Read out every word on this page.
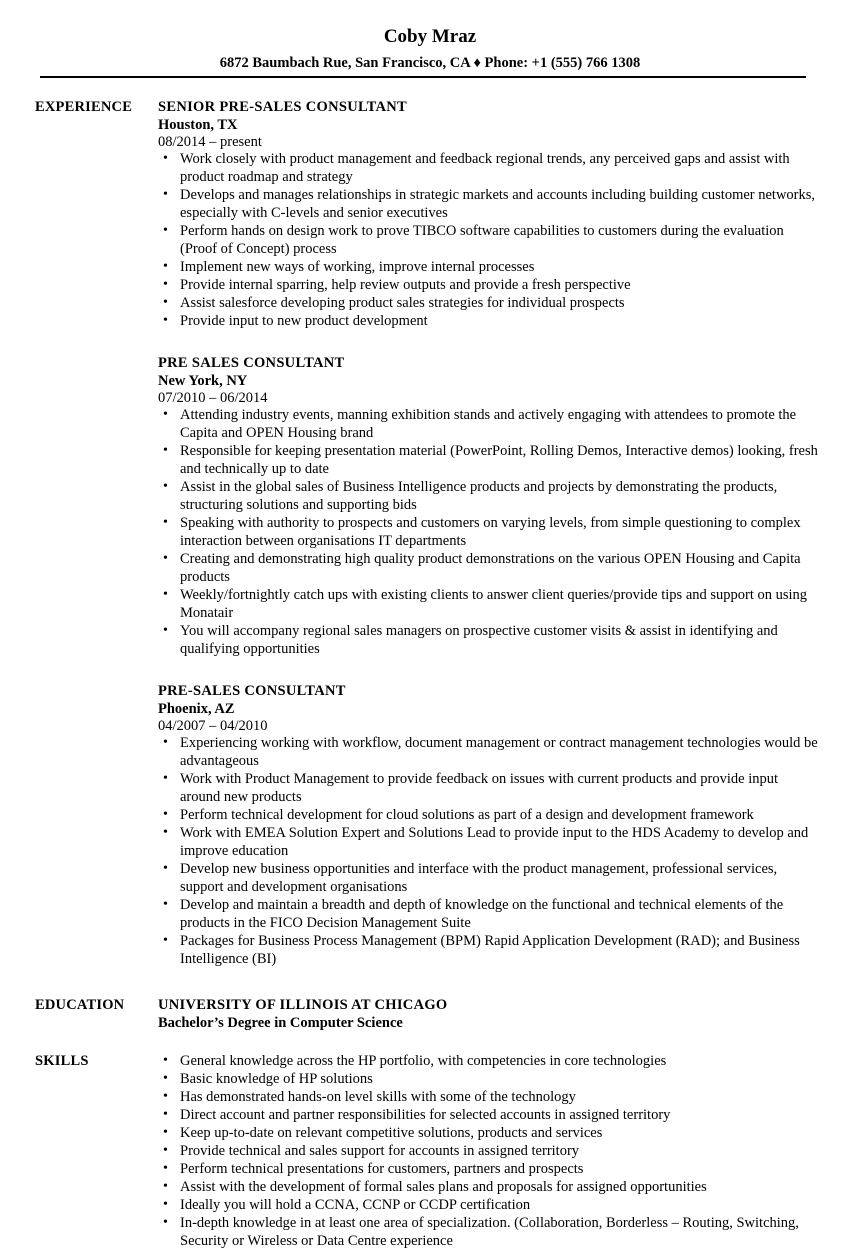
Coby Mraz
6872 Baumbach Rue, San Francisco, CA ♦ Phone: +1 (555) 766 1308
EXPERIENCE SENIOR PRE-SALES CONSULTANT
Houston, TX
08/2014 – present
• Work closely with product management and feedback regional trends, any perceived gaps and assist with product roadmap and strategy
• Develops and manages relationships in strategic markets and accounts including building customer networks, especially with C-levels and senior executives
• Perform hands on design work to prove TIBCO software capabilities to customers during the evaluation (Proof of Concept) process
• Implement new ways of working, improve internal processes
• Provide internal sparring, help review outputs and provide a fresh perspective
• Assist salesforce developing product sales strategies for individual prospects
• Provide input to new product development
PRE SALES CONSULTANT
New York, NY
07/2010 – 06/2014
• Attending industry events, manning exhibition stands and actively engaging with attendees to promote the Capita and OPEN Housing brand
• Responsible for keeping presentation material (PowerPoint, Rolling Demos, Interactive demos) looking, fresh and technically up to date
• Assist in the global sales of Business Intelligence products and projects by demonstrating the products, structuring solutions and supporting bids
• Speaking with authority to prospects and customers on varying levels, from simple questioning to complex interaction between organisations IT departments
• Creating and demonstrating high quality product demonstrations on the various OPEN Housing and Capita products
• Weekly/fortnightly catch ups with existing clients to answer client queries/provide tips and support on using Monatair
• You will accompany regional sales managers on prospective customer visits & assist in identifying and qualifying opportunities
PRE-SALES CONSULTANT
Phoenix, AZ
04/2007 – 04/2010
• Experiencing working with workflow, document management or contract management technologies would be advantageous
• Work with Product Management to provide feedback on issues with current products and provide input around new products
• Perform technical development for cloud solutions as part of a design and development framework
• Work with EMEA Solution Expert and Solutions Lead to provide input to the HDS Academy to develop and improve education
• Develop new business opportunities and interface with the product management, professional services, support and development organisations
• Develop and maintain a breadth and depth of knowledge on the functional and technical elements of the products in the FICO Decision Management Suite
• Packages for Business Process Management (BPM) Rapid Application Development (RAD); and Business Intelligence (BI)
EDUCATION UNIVERSITY OF ILLINOIS AT CHICAGO
Bachelor’s Degree in Computer Science
SKILLS	• General knowledge across the HP portfolio, with competencies in core technologies
• Basic knowledge of HP solutions
• Has demonstrated hands-on level skills with some of the technology
• Direct account and partner responsibilities for selected accounts in assigned territory
• Keep up-to-date on relevant competitive solutions, products and services
• Provide technical and sales support for accounts in assigned territory
• Perform technical presentations for customers, partners and prospects
• Assist with the development of formal sales plans and proposals for assigned opportunities
• Ideally you will hold a CCNA, CCNP or CCDP certification
• In-depth knowledge in at least one area of specialization. (Collaboration, Borderless – Routing, Switching, Security or Wireless or Data Centre experience
